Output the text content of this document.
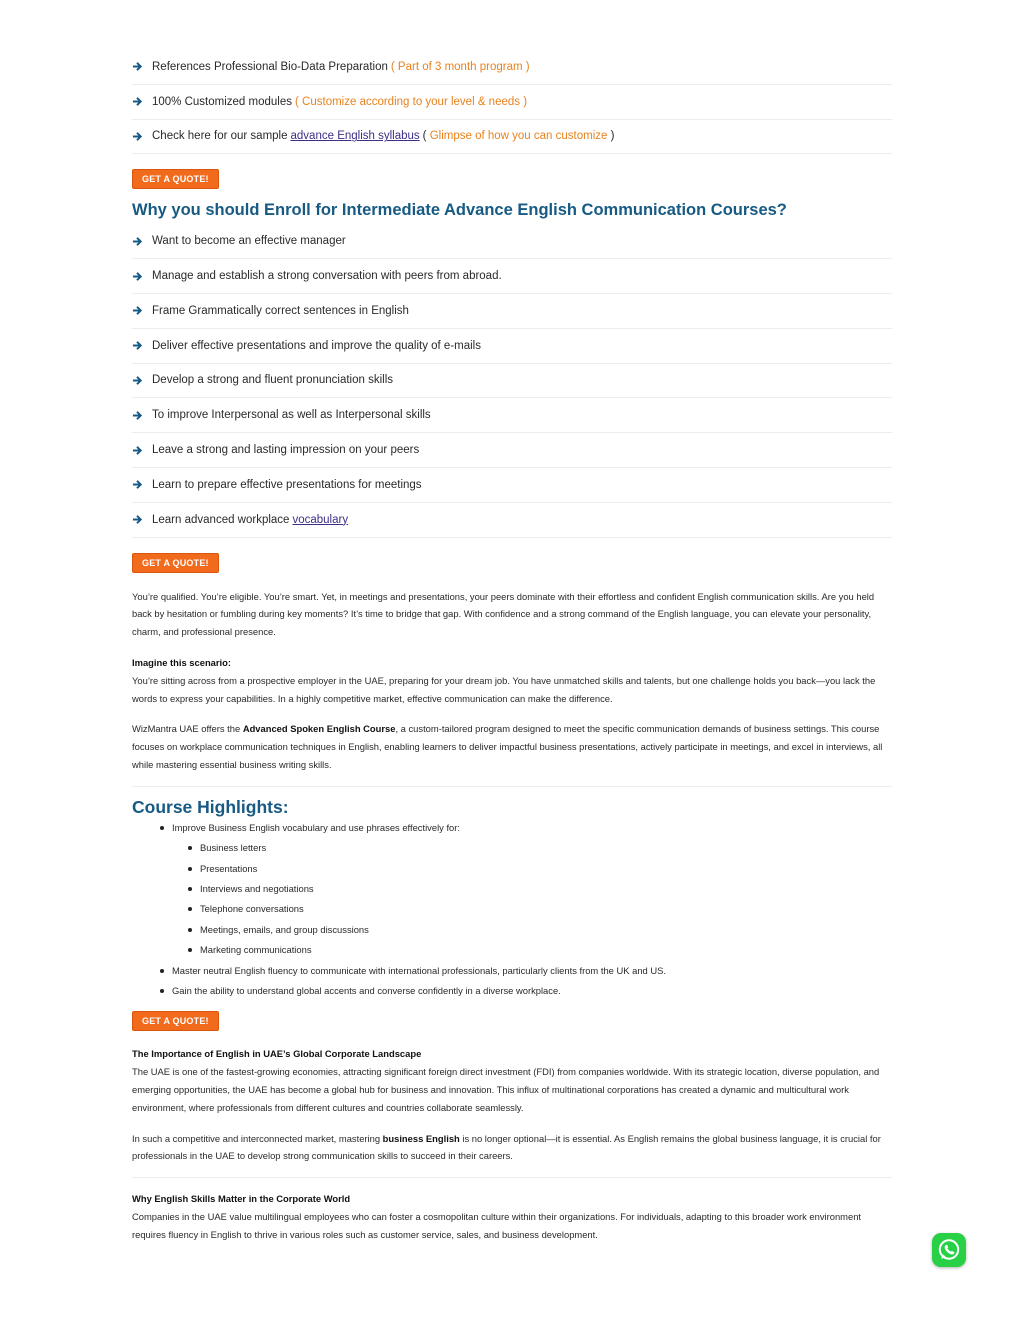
References Professional Bio-Data Preparation ( Part of 3 month program )
100% Customized modules ( Customize according to your level & needs )
Check here for our sample advance English syllabus ( Glimpse of how you can customize )
GET A QUOTE!
Why you should Enroll for Intermediate Advance English Communication Courses?
Want to become an effective manager
Manage and establish a strong conversation with peers from abroad.
Frame Grammatically correct sentences in English
Deliver effective presentations and improve the quality of e-mails
Develop a strong and fluent pronunciation skills
To improve Interpersonal as well as Interpersonal skills
Leave a strong and lasting impression on your peers
Learn to prepare effective presentations for meetings
Learn advanced workplace vocabulary
GET A QUOTE!

You’re qualified. You’re eligible. You’re smart. Yet, in meetings and presentations, your peers dominate with their effortless and confident English communication skills. Are you held back by hesitation or fumbling during key moments? It’s time to bridge that gap. With confidence and a strong command of the English language, you can elevate your personality, charm, and professional presence.

Imagine this scenario:
You’re sitting across from a prospective employer in the UAE, preparing for your dream job. You have unmatched skills and talents, but one challenge holds you back—you lack the words to express your capabilities. In a highly competitive market, effective communication can make the difference.

WizMantra UAE offers the Advanced Spoken English Course, a custom-tailored program designed to meet the specific communication demands of business settings. This course focuses on workplace communication techniques in English, enabling learners to deliver impactful business presentations, actively participate in meetings, and excel in interviews, all while mastering essential business writing skills.

Course Highlights:
Improve Business English vocabulary and use phrases effectively for:
Business letters
Presentations
Interviews and negotiations
Telephone conversations
Meetings, emails, and group discussions
Marketing communications
Master neutral English fluency to communicate with international professionals, particularly clients from the UK and US.
Gain the ability to understand global accents and converse confidently in a diverse workplace.
GET A QUOTE!

The Importance of English in UAE’s Global Corporate Landscape
The UAE is one of the fastest-growing economies, attracting significant foreign direct investment (FDI) from companies worldwide. With its strategic location, diverse population, and emerging opportunities, the UAE has become a global hub for business and innovation. This influx of multinational corporations has created a dynamic and multicultural work environment, where professionals from different cultures and countries collaborate seamlessly.

In such a competitive and interconnected market, mastering business English is no longer optional—it is essential. As English remains the global business language, it is crucial for professionals in the UAE to develop strong communication skills to succeed in their careers.

Why English Skills Matter in the Corporate World
Companies in the UAE value multilingual employees who can foster a cosmopolitan culture within their organizations. For individuals, adapting to this broader work environment requires fluency in English to thrive in various roles such as customer service, sales, and business development.
